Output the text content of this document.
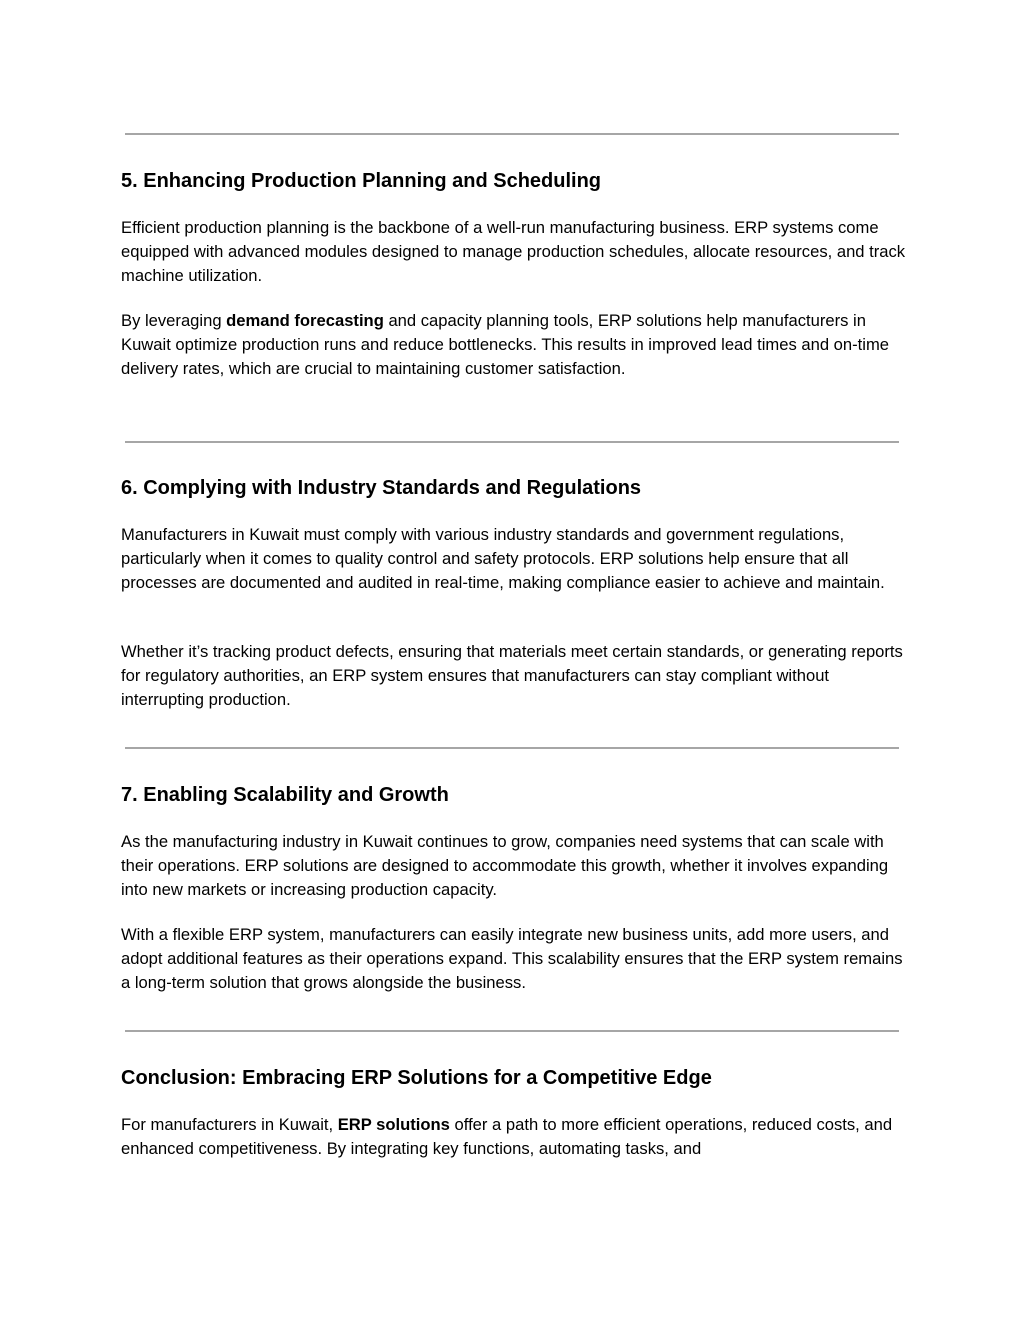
5. Enhancing Production Planning and Scheduling

Efficient production planning is the backbone of a well-run manufacturing business. ERP systems come equipped with advanced modules designed to manage production schedules, allocate resources, and track machine utilization.

By leveraging demand forecasting and capacity planning tools, ERP solutions help manufacturers in Kuwait optimize production runs and reduce bottlenecks. This results in improved lead times and on-time delivery rates, which are crucial to maintaining customer satisfaction.

6. Complying with Industry Standards and Regulations

Manufacturers in Kuwait must comply with various industry standards and government regulations, particularly when it comes to quality control and safety protocols. ERP solutions help ensure that all processes are documented and audited in real-time, making compliance easier to achieve and maintain.

Whether it’s tracking product defects, ensuring that materials meet certain standards, or generating reports for regulatory authorities, an ERP system ensures that manufacturers can stay compliant without interrupting production.

7. Enabling Scalability and Growth

As the manufacturing industry in Kuwait continues to grow, companies need systems that can scale with their operations. ERP solutions are designed to accommodate this growth, whether it involves expanding into new markets or increasing production capacity.

With a flexible ERP system, manufacturers can easily integrate new business units, add more users, and adopt additional features as their operations expand. This scalability ensures that the ERP system remains a long-term solution that grows alongside the business.

Conclusion: Embracing ERP Solutions for a Competitive Edge

For manufacturers in Kuwait, ERP solutions offer a path to more efficient operations, reduced costs, and enhanced competitiveness. By integrating key functions, automating tasks, and
